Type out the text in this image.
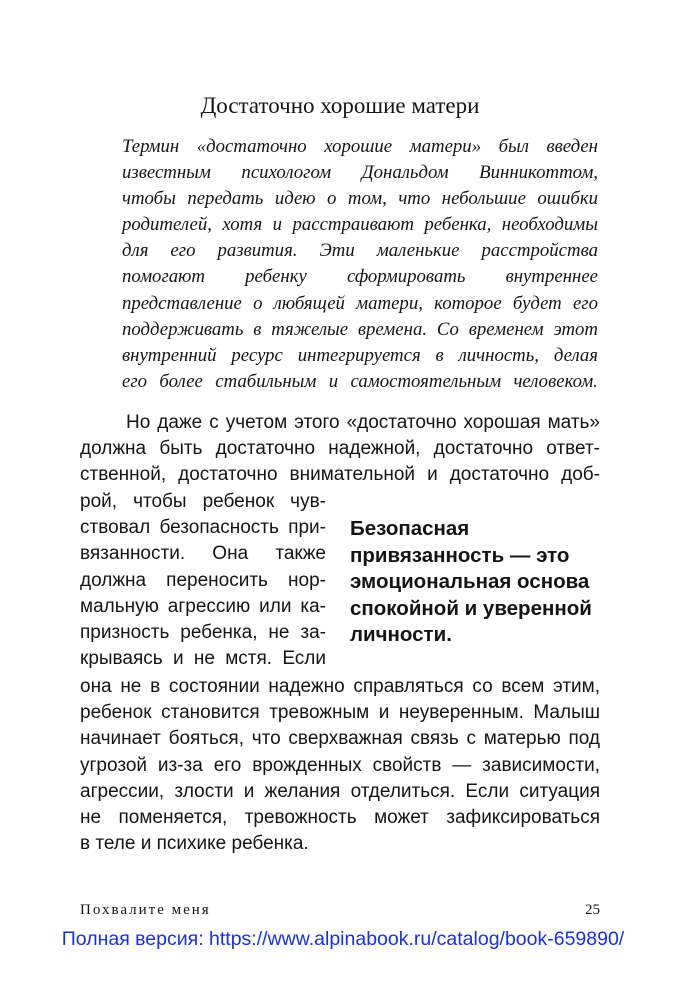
Достаточно хорошие матери
Термин «достаточно хорошие матери» был введен
известным психологом Дональдом Винникоттом,
чтобы передать идею о том, что небольшие ошибки
родителей, хотя и расстраивают ребенка, необходимы
для его развития. Эти маленькие расстройства
помогают ребенку сформировать внутреннее
представление о любящей матери, которое будет его
поддерживать в тяжелые времена. Со временем этот
внутренний ресурс интегрируется в личность, делая
его более стабильным и самостоятельным человеком.
Но даже с учетом этого «достаточно хорошая мать»
должна быть достаточно надежной, достаточно ответ-
ственной, достаточно внимательной и достаточно доб-
рой, чтобы ребенок чув-
ствовал безопасность при-
вязанности. Она также
должна переносить нор-
мальную агрессию или ка-
призность ребенка, не за-
крываясь и не мстя. Если
Безопасная
привязанность — это
эмоциональная основа
спокойной и уверенной
личности.
она не в состоянии надежно справляться со всем этим,
ребенок становится тревожным и неуверенным. Малыш
начинает бояться, что сверхважная связь с матерью под
угрозой из-за его врожденных свойств — зависимости,
агрессии, злости и желания отделиться. Если ситуация
не поменяется, тревожность может зафиксироваться
в теле и психике ребенка.
Похвалите меня	25
Полная версия: https://www.alpinabook.ru/catalog/book-659890/
